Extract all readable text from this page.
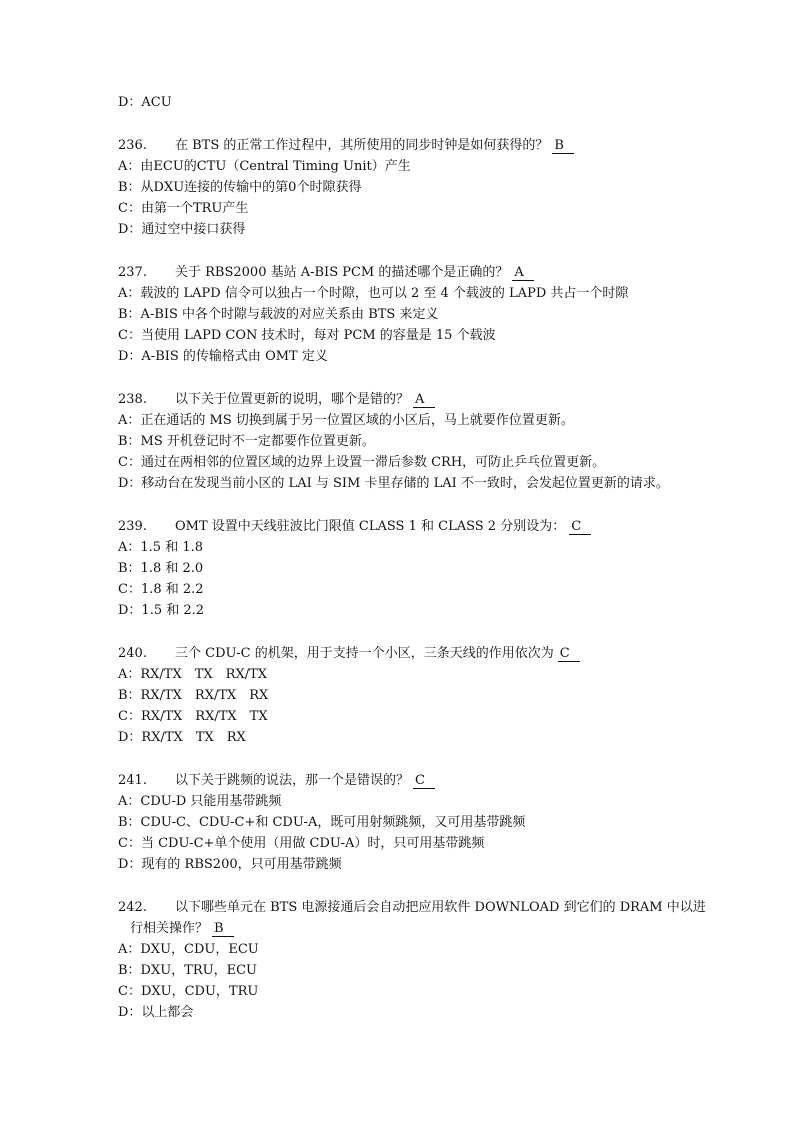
D：ACU
236. 在 BTS 的正常工作过程中，其所使用的同步时钟是如何获得的？ B
A：由ECU的CTU（Central Timing Unit）产生
B：从DXU连接的传输中的第0个时隙获得
C：由第一个TRU产生
D：通过空中接口获得
237. 关于 RBS2000 基站 A-BIS PCM 的描述哪个是正确的？ A
A：载波的 LAPD 信令可以独占一个时隙，也可以 2 至 4 个载波的 LAPD 共占一个时隙
B：A-BIS 中各个时隙与载波的对应关系由 BTS 来定义
C：当使用 LAPD CON 技术时，每对 PCM 的容量是 15 个载波
D：A-BIS 的传输格式由 OMT 定义
238. 以下关于位置更新的说明，哪个是错的？ A
A：正在通话的 MS 切换到属于另一位置区域的小区后，马上就要作位置更新。
B：MS 开机登记时不一定都要作位置更新。
C：通过在两相邻的位置区域的边界上设置一滞后参数 CRH，可防止乒乓位置更新。
D：移动台在发现当前小区的 LAI 与 SIM 卡里存储的 LAI 不一致时，会发起位置更新的请求。
239. OMT 设置中天线驻波比门限值 CLASS 1 和 CLASS 2 分别设为： C
A：1.5 和 1.8
B：1.8 和 2.0
C：1.8 和 2.2
D：1.5 和 2.2
240. 三个 CDU-C 的机架，用于支持一个小区，三条天线的作用依次为 C
A：RX/TX　TX　RX/TX
B：RX/TX　RX/TX　RX
C：RX/TX　RX/TX　TX
D：RX/TX　TX　RX
241. 以下关于跳频的说法，那一个是错误的？ C
A：CDU-D 只能用基带跳频
B：CDU-C、CDU-C+和 CDU-A，既可用射频跳频，又可用基带跳频
C：当 CDU-C+单个使用（用做 CDU-A）时，只可用基带跳频
D：现有的 RBS200，只可用基带跳频
242. 以下哪些单元在 BTS 电源接通后会自动把应用软件 DOWNLOAD 到它们的 DRAM 中以进
行相关操作？ B
A：DXU，CDU，ECU
B：DXU，TRU，ECU
C：DXU，CDU，TRU
D：以上都会
